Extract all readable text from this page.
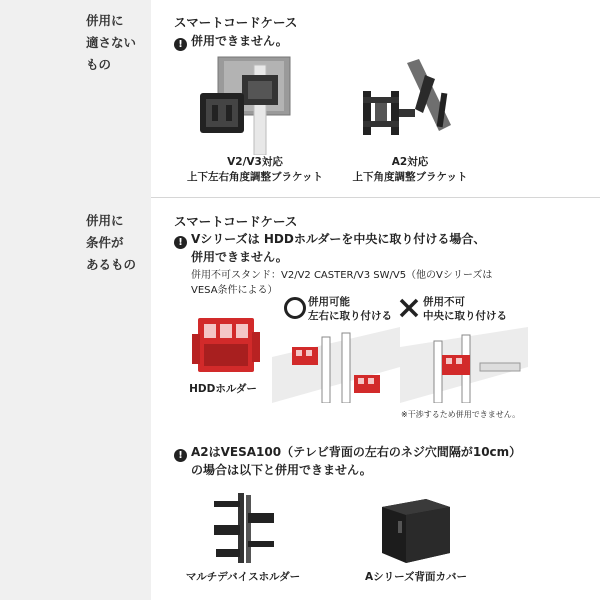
併用に
適さない
もの
スマートコードケース
! 併用できません。
V2/V3対応
上下左右角度調整ブラケット
A2対応
上下角度調整ブラケット
併用に
条件が
あるもの
スマートコードケース
! Vシリーズは HDDホルダーを中央に取り付ける場合、
併用できません。
併用不可スタンド：V2/V2 CASTER/V3 SW/V5（他のVシリーズは
VESA条件による）
HDDホルダー
併用可能
左右に取り付ける
併用不可
中央に取り付ける
※干渉するため併用できません。
! A2はVESA100（テレビ背面の左右のネジ穴間隔が10cm）
の場合は以下と併用できません。
マルチデバイスホルダー	Aシリーズ背面カバー
